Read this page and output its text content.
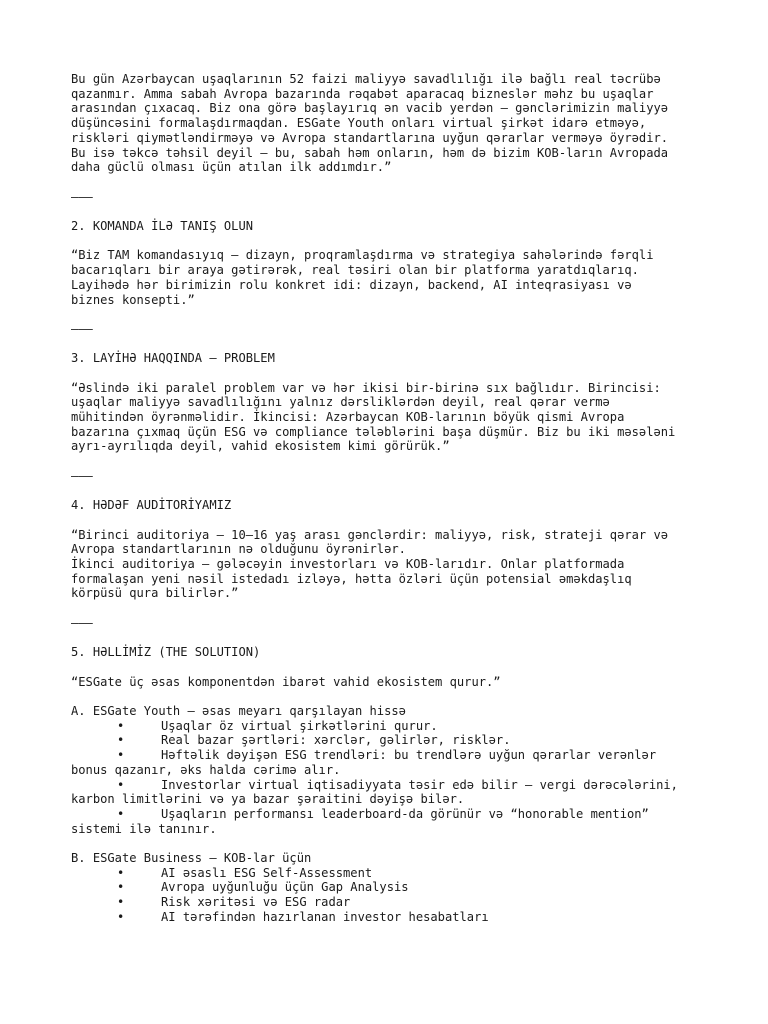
Bu gün Azərbaycan uşaqlarının 52 faizi maliyyə savadlılığı ilə bağlı real təcrübə
qazanmır. Amma sabah Avropa bazarında rəqabət aparacaq bizneslər məhz bu uşaqlar
arasından çıxacaq. Biz ona görə başlayırıq ən vacib yerdən — gənclərimizin maliyyə
düşüncəsini formalaşdırmaqdan. ESGate Youth onları virtual şirkət idarə etməyə,
riskləri qiymətləndirməyə və Avropa standartlarına uyğun qərarlar verməyə öyrədir.
Bu isə təkcə təhsil deyil — bu, sabah həm onların, həm də bizim KOB-ların Avropada
daha güclü olması üçün atılan ilk addımdır.”
———
2. KOMANDA İLƏ TANIŞ OLUN
“Biz TAM komandasıyıq — dizayn, proqramlaşdırma və strategiya sahələrində fərqli
bacarıqları bir araya gətirərək, real təsiri olan bir platforma yaratdıqlarıq.
Layihədə hər birimizin rolu konkret idi: dizayn, backend, AI inteqrasiyası və
biznes konsepti.”
———
3. LAYİHƏ HAQQINDA – PROBLEM
“Əslində iki paralel problem var və hər ikisi bir-birinə sıx bağlıdır. Birincisi:
uşaqlar maliyyə savadlılığını yalnız dərsliklərdən deyil, real qərar vermə
mühitindən öyrənməlidir. İkincisi: Azərbaycan KOB-larının böyük qismi Avropa
bazarına çıxmaq üçün ESG və compliance tələblərini başa düşmür. Biz bu iki məsələni
ayrı-ayrılıqda deyil, vahid ekosistem kimi görürük.”
———
4. HƏDƏF AUDİTORİYAMIZ
“Birinci auditoriya — 10–16 yaş arası gənclərdir: maliyyə, risk, strateji qərar və
Avropa standartlarının nə olduğunu öyrənirlər.
İkinci auditoriya — gələcəyin investorları və KOB-larıdır. Onlar platformada
formalaşan yeni nəsil istedadı izləyə, hətta özləri üçün potensial əməkdaşlıq
körpüsü qura bilirlər.”
———
5. HƏLLİMİZ (THE SOLUTION)
“ESGate üç əsas komponentdən ibarət vahid ekosistem qurur.”
A. ESGate Youth — əsas meyarı qarşılayan hissə
•	Uşaqlar öz virtual şirkətlərini qurur.
•	Real bazar şərtləri: xərclər, gəlirlər, risklər.
•	Həftəlik dəyişən ESG trendləri: bu trendlərə uyğun qərarlar verənlər
bonus qazanır, əks halda cərimə alır.
•	Investorlar virtual iqtisadiyyata təsir edə bilir — vergi dərəcələrini,
karbon limitlərini və ya bazar şəraitini dəyişə bilər.
•	Uşaqların performansı leaderboard-da görünür və “honorable mention”
sistemi ilə tanınır.
B. ESGate Business — KOB-lar üçün
•	AI əsaslı ESG Self-Assessment
•	Avropa uyğunluğu üçün Gap Analysis
•	Risk xəritəsi və ESG radar
•	AI tərəfindən hazırlanan investor hesabatları
